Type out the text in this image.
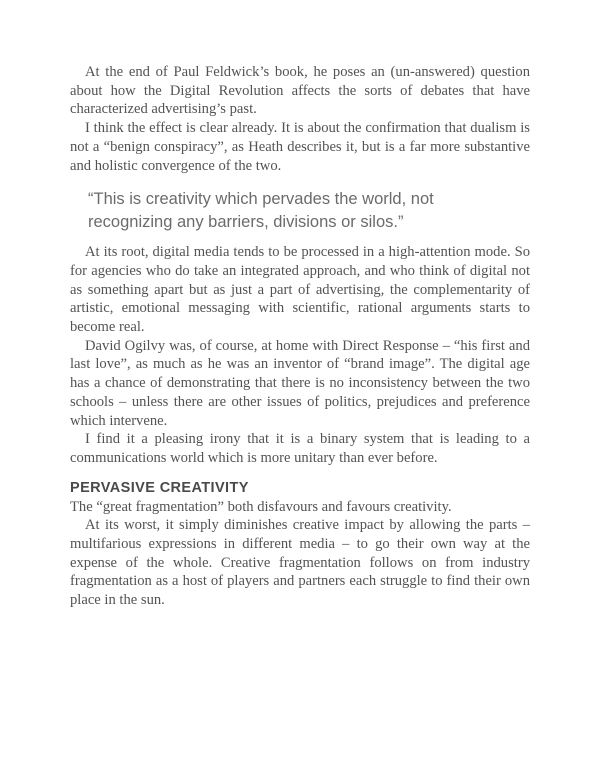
At the end of Paul Feldwick’s book, he poses an (un-answered) question about how the Digital Revolution affects the sorts of debates that have characterized advertising’s past.

I think the effect is clear already. It is about the confirmation that dualism is not a “benign conspiracy”, as Heath describes it, but is a far more substantive and holistic convergence of the two.

“This is creativity which pervades the world, not recognizing any barriers, divisions or silos.”

At its root, digital media tends to be processed in a high-attention mode. So for agencies who do take an integrated approach, and who think of digital not as something apart but as just a part of advertising, the complementarity of artistic, emotional messaging with scientific, rational arguments starts to become real.

David Ogilvy was, of course, at home with Direct Response – “his first and last love”, as much as he was an inventor of “brand image”. The digital age has a chance of demonstrating that there is no inconsistency between the two schools – unless there are other issues of politics, prejudices and preference which intervene.

I find it a pleasing irony that it is a binary system that is leading to a communications world which is more unitary than ever before.

PERVASIVE CREATIVITY

The “great fragmentation” both disfavours and favours creativity.

At its worst, it simply diminishes creative impact by allowing the parts – multifarious expressions in different media – to go their own way at the expense of the whole. Creative fragmentation follows on from industry fragmentation as a host of players and partners each struggle to find their own place in the sun.
